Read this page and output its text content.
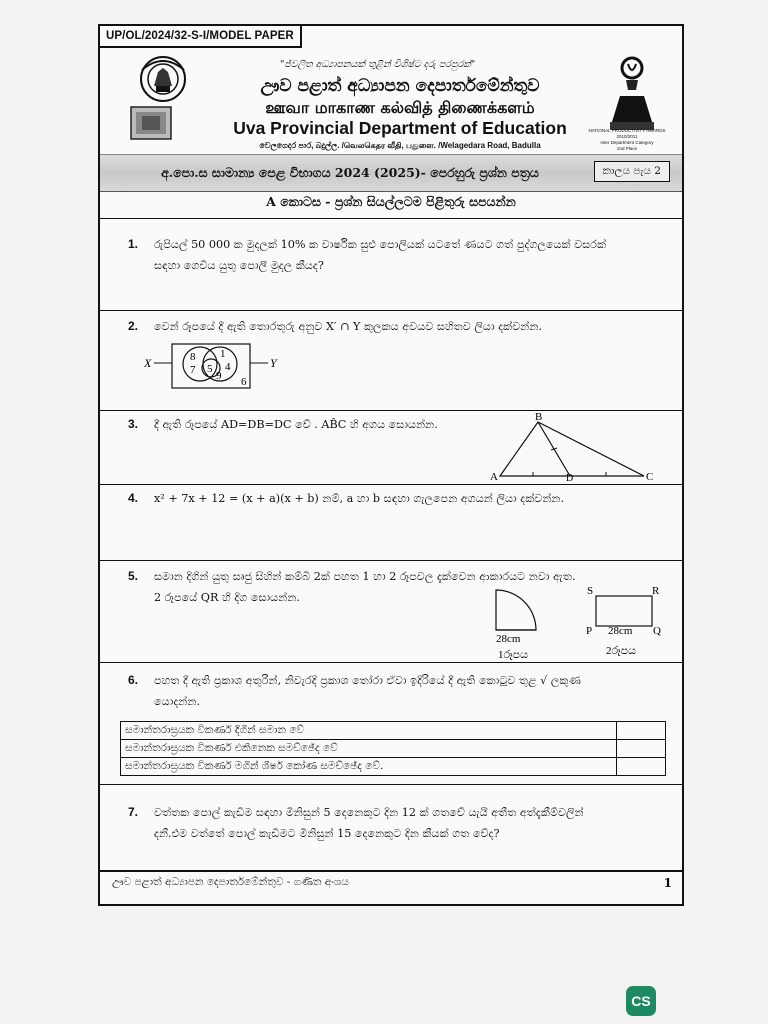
UP/OL/2024/32-S-I/MODEL PAPER
"ජ්වලිත අධ්‍යාපනයක් තුළින් විශිෂ්ට දරු පරපුරක්"
NATIONAL PRODUCTIVITY AWARDS 2010/2011
Inter Department Category
2nd Place
ඌව පළාත් අධ්‍යාපන දෙපාර්තමේන්තුව
ஊவா மாகாண கல்வித் திணைக்களம்
Uva Provincial Department of Education
වෙලගෙදර පාර, බදුල්ල. /வெலகெதர வீதி, பதுளை. /Welagedara Road, Badulla
අ.පො.ස සාමාන්‍ය පෙළ විභාගය 2024 (2025)- පෙරහුරු ප්‍රශ්න පත්‍රය	කාලය පැය 2
A කොටස - ප්‍රශ්න සියල්ලටම පිළිතුරු සපයන්න
1. රුපියල් 50 000 ක මුදලක් 10% ක වාර්ෂික සුළු පොලියක් යටතේ ණයට ගත් පුද්ගලයෙක් වසරක්
සඳහා ගෙවිය යුතු පොලී මුදල කීයද?
2. වෙන් රූපයේ දී ඇති තොරතුරු අනුව X′ ∩ Y කුලකය අවයව සහිතව ලියා දක්වන්න.
X	Y
8
7 5
1
4
9 6
3. දී ඇති රූපයේ AD=DB=DC වේ . AB̂C හි අගය සොයන්න.
A
B
C
D
4. x² + 7x + 12 = (x + a)(x + b) නම්, a හා b සඳහා ගැලපෙන අගයන් ලියා දක්වන්න.
5. සමාන දිගින් යුතු සෘජු සිහින් කම්බි 2ක් පහත 1 හා 2 රූපවල දැක්වෙන ආකාරයට නවා ඇත.
2 රූපයේ QR හි දිග සොයන්න.
28cm
1රූපය
S	R
P	Q
28cm
2රූපය
6. පහත දී ඇති ප්‍රකාශ අතුරින්, නිවැරදි ප්‍රකාශ තෝරා ඒවා ඉදිරියේ දී ඇති කොටුව තුළ √ ලකුණ
යොදන්න.
සමාන්තරාස්‍රයක විකර්ණ දිගින් සමාන වේ	
සමාන්තරාස්‍රයක විකර්ණ එකිනෙක සමච්ඡේද වේ	
සමාන්තරාස්‍රයක විකර්ණ මගින් ශීර්ෂ කෝණ සමච්ඡේද වේ.	
7. වත්තක පොල් කැඩීම සඳහා මිනිසුන් 5 දෙනෙකුට දින 12 ක් ගතවේ යැයි අතීත අත්දැකීම්වලින්
දනී.එම වත්තේ පොල් කැඩීමට මිනිසුන් 15 දෙනෙකුට දින කීයක් ගත වේද?
ඌව පළාත් අධ්‍යාපන දෙපාර්තමේන්තුව - ගණිත අංශය	1
CS
